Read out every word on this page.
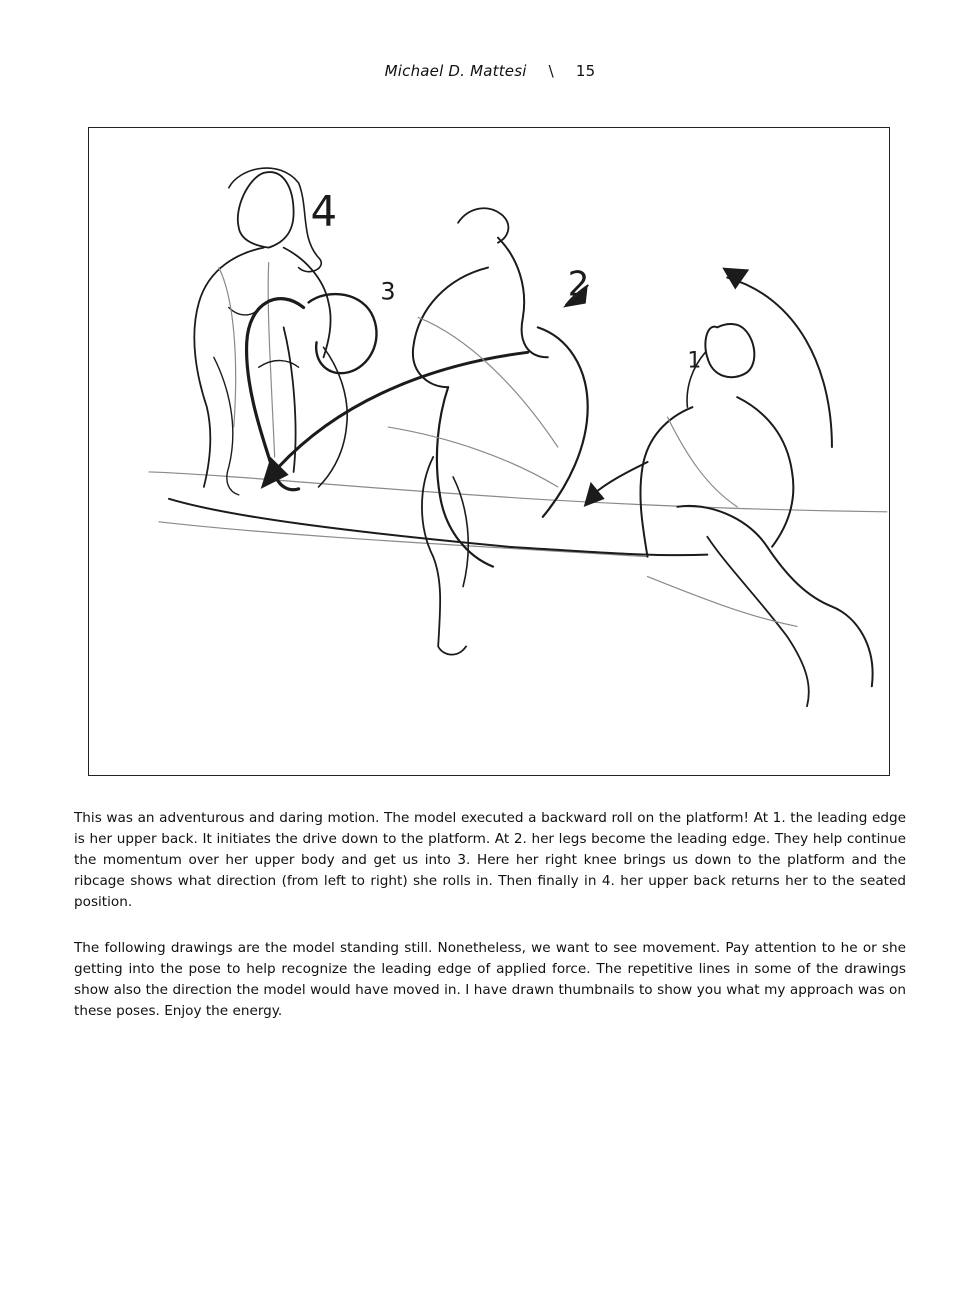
Michael D. Mattesi \ 15
4
3	2
1

This was an adventurous and daring motion. The model executed a backward roll on the platform! At 1. the leading edge is her upper back. It initiates the drive down to the platform. At 2. her legs become the leading edge. They help continue the momentum over her upper body and get us into 3. Here her right knee brings us down to the platform and the ribcage shows what direction (from left to right) she rolls in. Then finally in 4. her upper back returns her to the seated position.

The following drawings are the model standing still. Nonetheless, we want to see movement. Pay attention to he or she getting into the pose to help recognize the leading edge of applied force. The repetitive lines in some of the drawings show also the direction the model would have moved in. I have drawn thumbnails to show you what my approach was on these poses. Enjoy the energy.
